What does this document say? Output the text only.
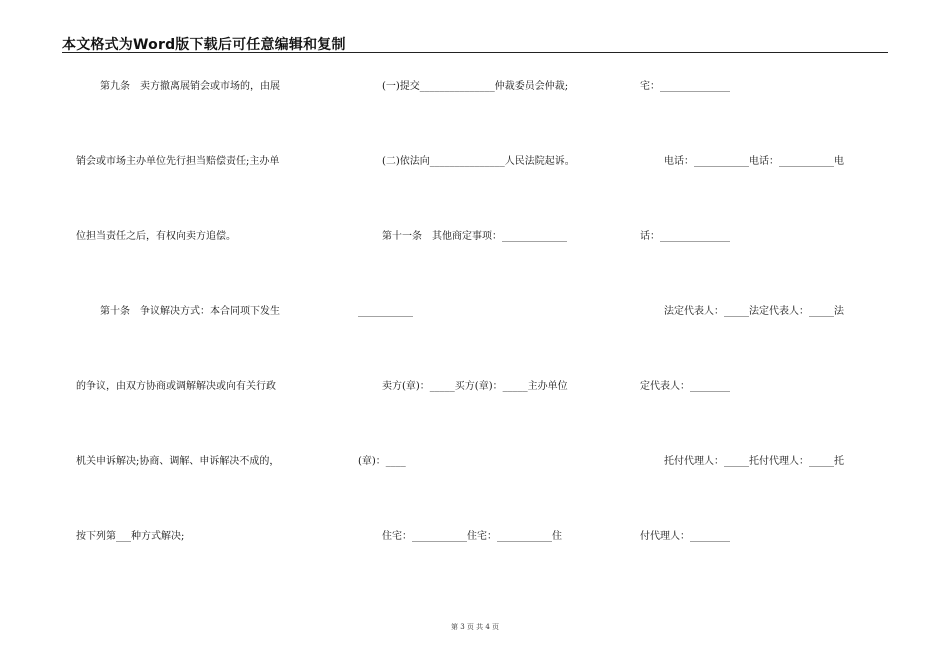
本文格式为Word版下载后可任意编辑和复制
第九条　卖方撤离展销会或市场的，由展
销会或市场主办单位先行担当赔偿责任;主办单
位担当责任之后，有权向卖方追偿。
第十条　争议解决方式：本合同项下发生
的争议，由双方协商或调解解决或向有关行政
机关申诉解决;协商、调解、申诉解决不成的，
按下列第___种方式解决;
(一)提交_______________仲裁委员会仲裁;
(二)依法向_______________人民法院起诉。
第十一条　其他商定事项：_____________
___________
卖方(章)：_____买方(章)：_____主办单位
(章)：____
住宅：___________住宅：___________住
宅：______________
电话：___________电话：___________电
话：______________
法定代表人：_____法定代表人：_____法
定代表人：________
托付代理人：_____托付代理人：_____托
付代理人：________
第 3 页 共 4 页
